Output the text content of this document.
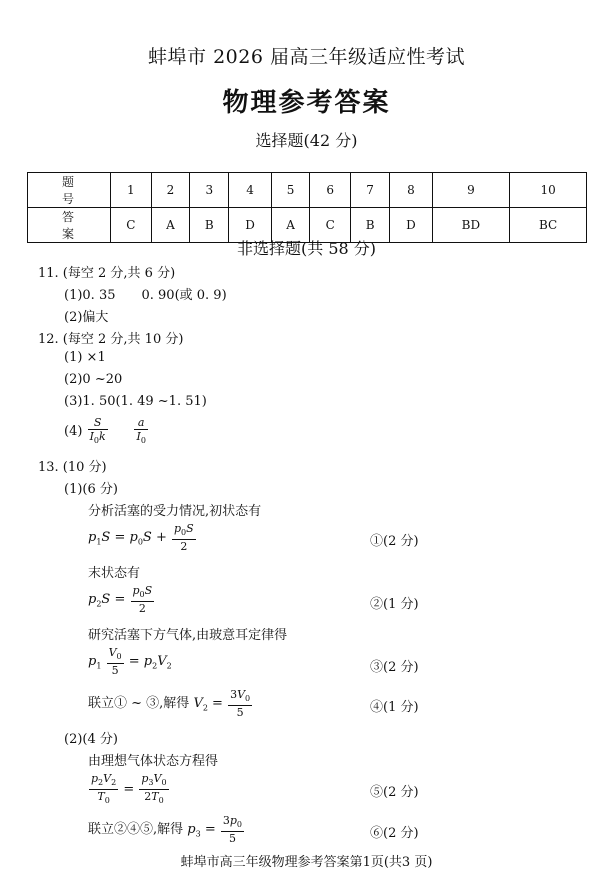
蚌埠市 2026 届高三年级适应性考试
物理参考答案
选择题(42 分)
题　号	1	2	3	4	5	6	7	8	9	10
答　案	C	A	B	D	A	C	B	D	BD	BC
非选择题(共 58 分)
11. (每空 2 分,共 6 分)
(1)0. 35　　0. 90(或 0. 9)
(2)偏大
12. (每空 2 分,共 10 分)
(1) ×1
(2)0 ~20
(3)1. 50(1. 49 ~1. 51)
$(4) \frac{S}{I_0k}$
$\frac{a}{I_0}$
13. (10 分)
(1)(6 分)
分析活塞的受力情况,初状态有
$p_1S = p_0S + \frac{p_0S}{2}$	①(2 分)
末状态有
$p_2S = \frac{p_0S}{2}$	②(1 分)
研究活塞下方气体,由玻意耳定律得
$p_1 \frac{V_0}{5} = p_2V_2$	③(2 分)
联立① ~ ③,解得 $V_2 = \frac{3V_0}{5}$	④(1 分)
(2)(4 分)
由理想气体状态方程得
$\frac{p_2V_2}{T_0} = \frac{p_3V_0}{2T_0}$	⑤(2 分)
联立②④⑤,解得 $p_3 = \frac{3p_0}{5}$	⑥(2 分)
蚌埠市高三年级物理参考答案第1页(共3 页)
